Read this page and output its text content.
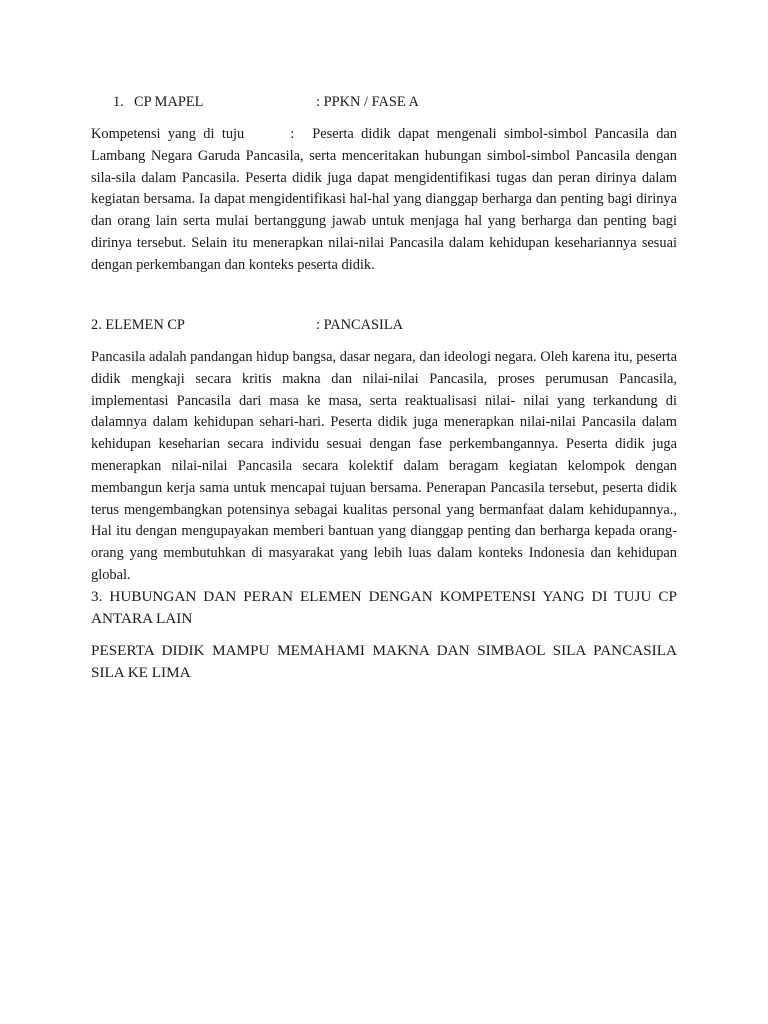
1. CP MAPEL	: PPKN / FASE A

Kompetensi yang di tuju	: Peserta didik dapat mengenali simbol-simbol Pancasila dan Lambang Negara Garuda Pancasila, serta menceritakan hubungan simbol-simbol Pancasila dengan sila-sila dalam Pancasila. Peserta didik juga dapat mengidentifikasi tugas dan peran dirinya dalam kegiatan bersama. Ia dapat mengidentifikasi hal-hal yang dianggap berharga dan penting bagi dirinya dan orang lain serta mulai bertanggung jawab untuk menjaga hal yang berharga dan penting bagi dirinya tersebut. Selain itu menerapkan nilai-nilai Pancasila dalam kehidupan kesehariannya sesuai dengan perkembangan dan konteks peserta didik.

2. ELEMEN CP	: PANCASILA

Pancasila adalah pandangan hidup bangsa, dasar negara, dan ideologi negara. Oleh karena itu, peserta didik mengkaji secara kritis makna dan nilai-nilai Pancasila, proses perumusan Pancasila, implementasi Pancasila dari masa ke masa, serta reaktualisasi nilai- nilai yang terkandung di dalamnya dalam kehidupan sehari-hari. Peserta didik juga menerapkan nilai-nilai Pancasila dalam kehidupan keseharian secara individu sesuai dengan fase perkembangannya. Peserta didik juga menerapkan nilai-nilai Pancasila secara kolektif dalam beragam kegiatan kelompok dengan membangun kerja sama untuk mencapai tujuan bersama. Penerapan Pancasila tersebut, peserta didik terus mengembangkan potensinya sebagai kualitas personal yang bermanfaat dalam kehidupannya., Hal itu dengan mengupayakan memberi bantuan yang dianggap penting dan berharga kepada orang-orang yang membutuhkan di masyarakat yang lebih luas dalam konteks Indonesia dan kehidupan global.

3. HUBUNGAN DAN PERAN ELEMEN DENGAN KOMPETENSI YANG DI TUJU CP ANTARA LAIN

PESERTA DIDIK MAMPU MEMAHAMI MAKNA DAN SIMBAOL SILA PANCASILA SILA KE LIMA
